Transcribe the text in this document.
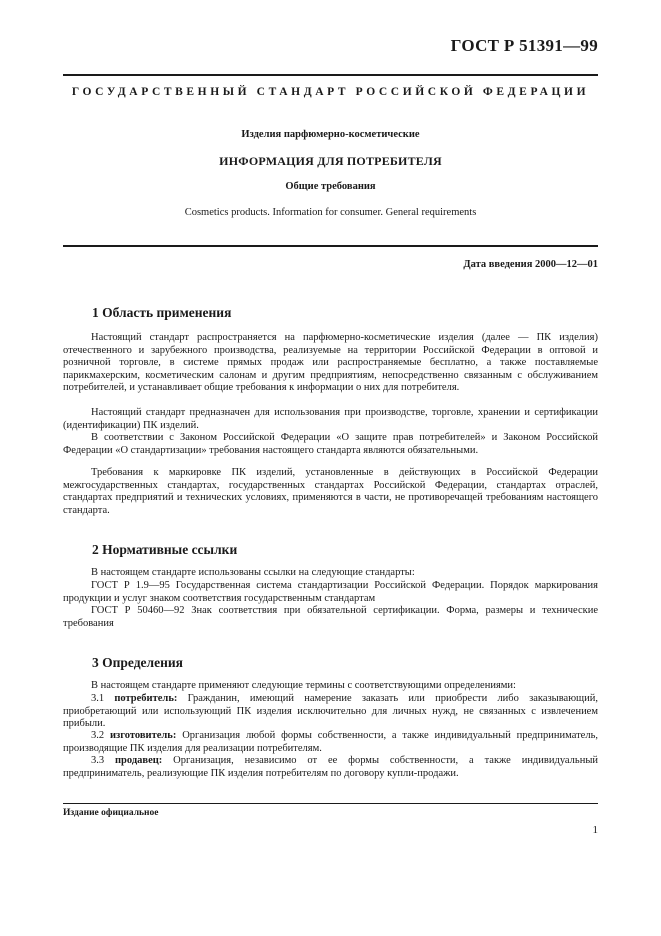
ГОСТ Р 51391—99
ГОСУДАРСТВЕННЫЙ СТАНДАРТ РОССИЙСКОЙ ФЕДЕРАЦИИ
Изделия парфюмерно-косметические
ИНФОРМАЦИЯ ДЛЯ ПОТРЕБИТЕЛЯ
Общие требования
Cosmetics products. Information for consumer. General requirements
Дата введения 2000—12—01
1 Область применения
Настоящий стандарт распространяется на парфюмерно-косметические изделия (далее — ПК изделия) отечественного и зарубежного производства, реализуемые на территории Российской Федерации в оптовой и розничной торговле, в системе прямых продаж или распространяемые бесплатно, а также поставляемые парикмахерским, косметическим салонам и другим предприятиям, непосредственно связанным с обслуживанием потребителей, и устанавливает общие требования к информации о них для потребителя.
Настоящий стандарт предназначен для использования при производстве, торговле, хранении и сертификации (идентификации) ПК изделий.
В соответствии с Законом Российской Федерации «О защите прав потребителей» и Законом Российской Федерации «О стандартизации» требования настоящего стандарта являются обязательными.
Требования к маркировке ПК изделий, установленные в действующих в Российской Федерации межгосударственных стандартах, государственных стандартах Российской Федерации, стандартах отраслей, стандартах предприятий и технических условиях, применяются в части, не противоречащей требованиям настоящего стандарта.
2 Нормативные ссылки
В настоящем стандарте использованы ссылки на следующие стандарты:
ГОСТ Р 1.9—95 Государственная система стандартизации Российской Федерации. Порядок маркирования продукции и услуг знаком соответствия государственным стандартам
ГОСТ Р 50460—92 Знак соответствия при обязательной сертификации. Форма, размеры и технические требования
3 Определения
В настоящем стандарте применяют следующие термины с соответствующими определениями:
3.1 потребитель: Гражданин, имеющий намерение заказать или приобрести либо заказывающий, приобретающий или использующий ПК изделия исключительно для личных нужд, не связанных с извлечением прибыли.
3.2 изготовитель: Организация любой формы собственности, а также индивидуальный предприниматель, производящие ПК изделия для реализации потребителям.
3.3 продавец: Организация, независимо от ее формы собственности, а также индивидуальный предприниматель, реализующие ПК изделия потребителям по договору купли-продажи.
Издание официальное
1
